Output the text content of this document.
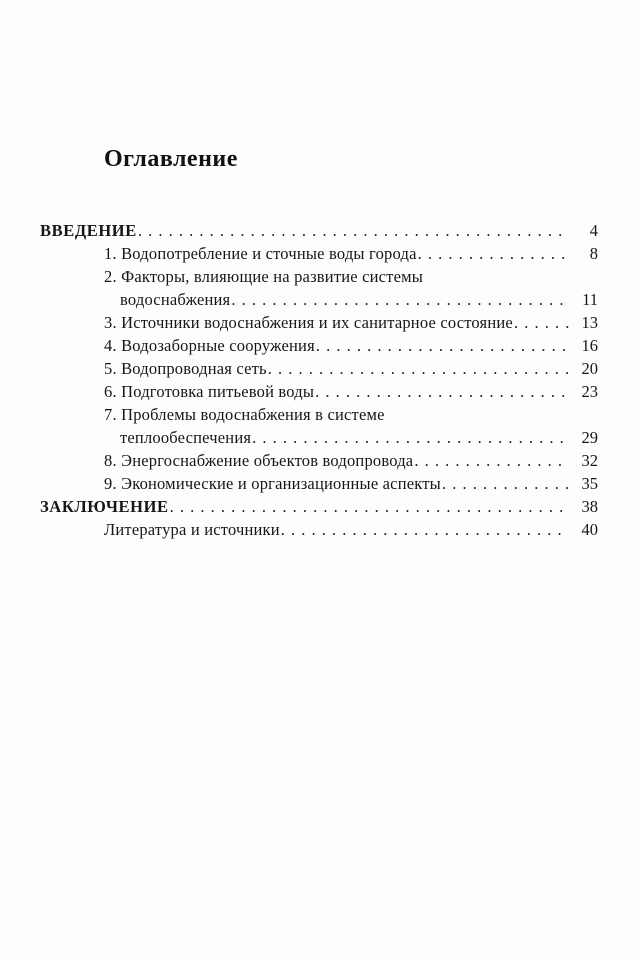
Оглавление
ВВЕДЕНИЕ . . .	4
1. Водопотребление и сточные воды города . . .	8
2. Факторы, влияющие на развитие системы
водоснабжения . . .	11
3. Источники водоснабжения и их санитарное состояние . . .	13
4. Водозаборные сооружения . . .	16
5. Водопроводная сеть . . .	20
6. Подготовка питьевой воды . . .	23
7. Проблемы водоснабжения в системе
теплообеспечения . . .	29
8. Энергоснабжение объектов водопровода . . .	32
9. Экономические и организационные аспекты . . .	35
ЗАКЛЮЧЕНИЕ . . .	38
Литература и источники . . .	40
